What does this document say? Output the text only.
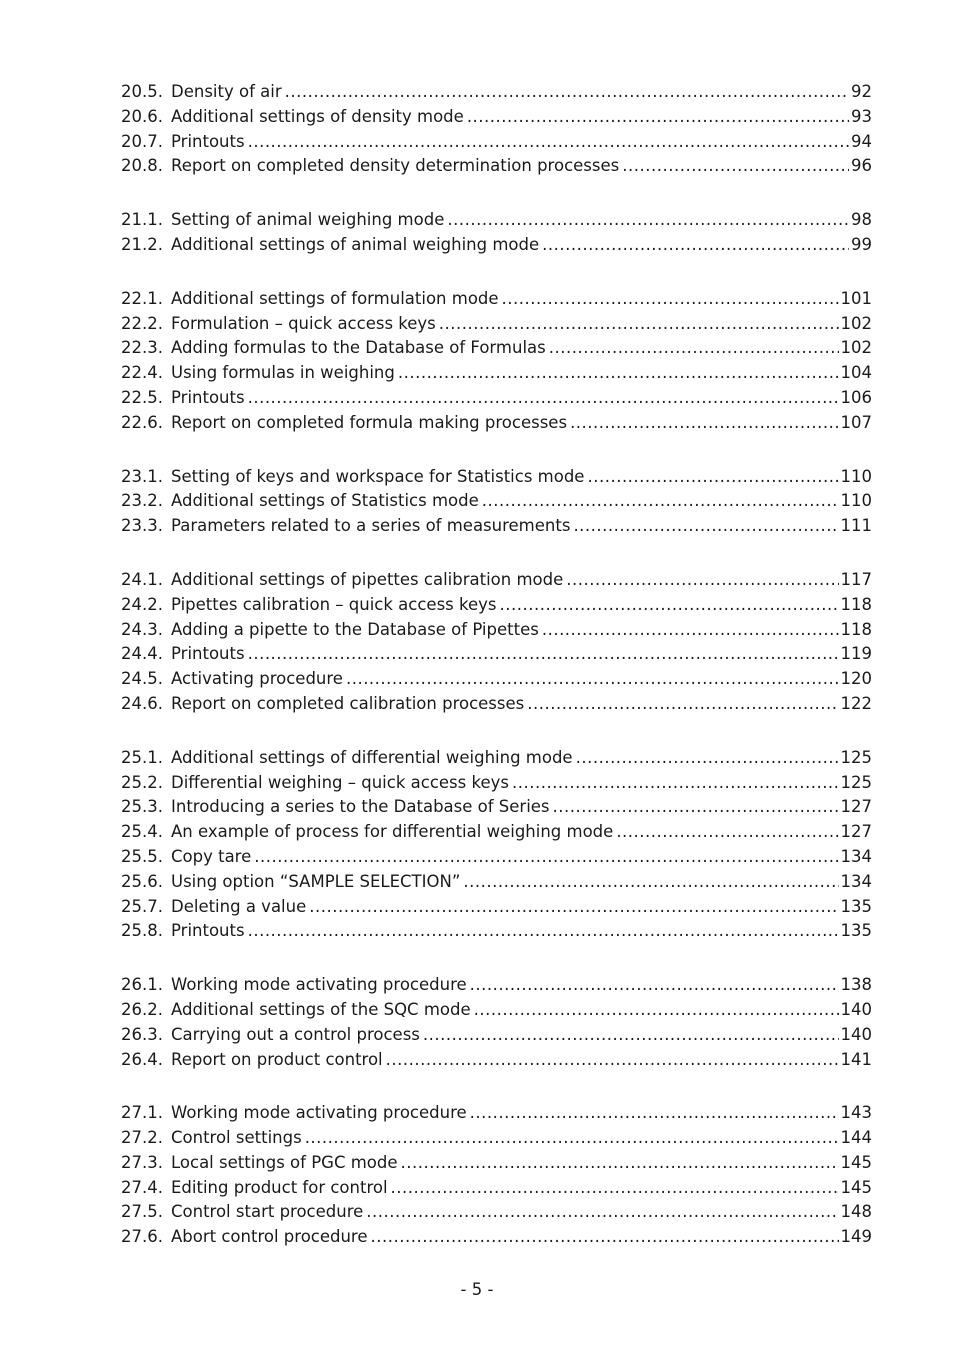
20.5. Density of air .....	92
20.6. Additional settings of density mode .....	93
20.7. Printouts .....	94
20.8. Report on completed density determination processes .....	96
21.1. Setting of animal weighing mode .....	98
21.2. Additional settings of animal weighing mode .....	99
22.1. Additional settings of formulation mode .....	101
22.2. Formulation – quick access keys .....	102
22.3. Adding formulas to the Database of Formulas .....	102
22.4. Using formulas in weighing .....	104
22.5. Printouts .....	106
22.6. Report on completed formula making processes .....	107
23.1. Setting of keys and workspace for Statistics mode .....	110
23.2. Additional settings of Statistics mode .....	110
23.3. Parameters related to a series of measurements .....	111
24.1. Additional settings of pipettes calibration mode .....	117
24.2. Pipettes calibration – quick access keys .....	118
24.3. Adding a pipette to the Database of Pipettes .....	118
24.4. Printouts .....	119
24.5. Activating procedure .....	120
24.6. Report on completed calibration processes .....	122
25.1. Additional settings of differential weighing mode .....	125
25.2. Differential weighing – quick access keys .....	125
25.3. Introducing a series to the Database of Series .....	127
25.4. An example of process for differential weighing mode .....	127
25.5. Copy tare .....	134
25.6. Using option “SAMPLE SELECTION” .....	134
25.7. Deleting a value .....	135
25.8. Printouts .....	135
26.1. Working mode activating procedure .....	138
26.2. Additional settings of the SQC mode .....	140
26.3. Carrying out a control process .....	140
26.4. Report on product control .....	141
27.1. Working mode activating procedure .....	143
27.2. Control settings .....	144
27.3. Local settings of PGC mode .....	145
27.4. Editing product for control .....	145
27.5. Control start procedure .....	148
27.6. Abort control procedure .....	149
- 5 -
